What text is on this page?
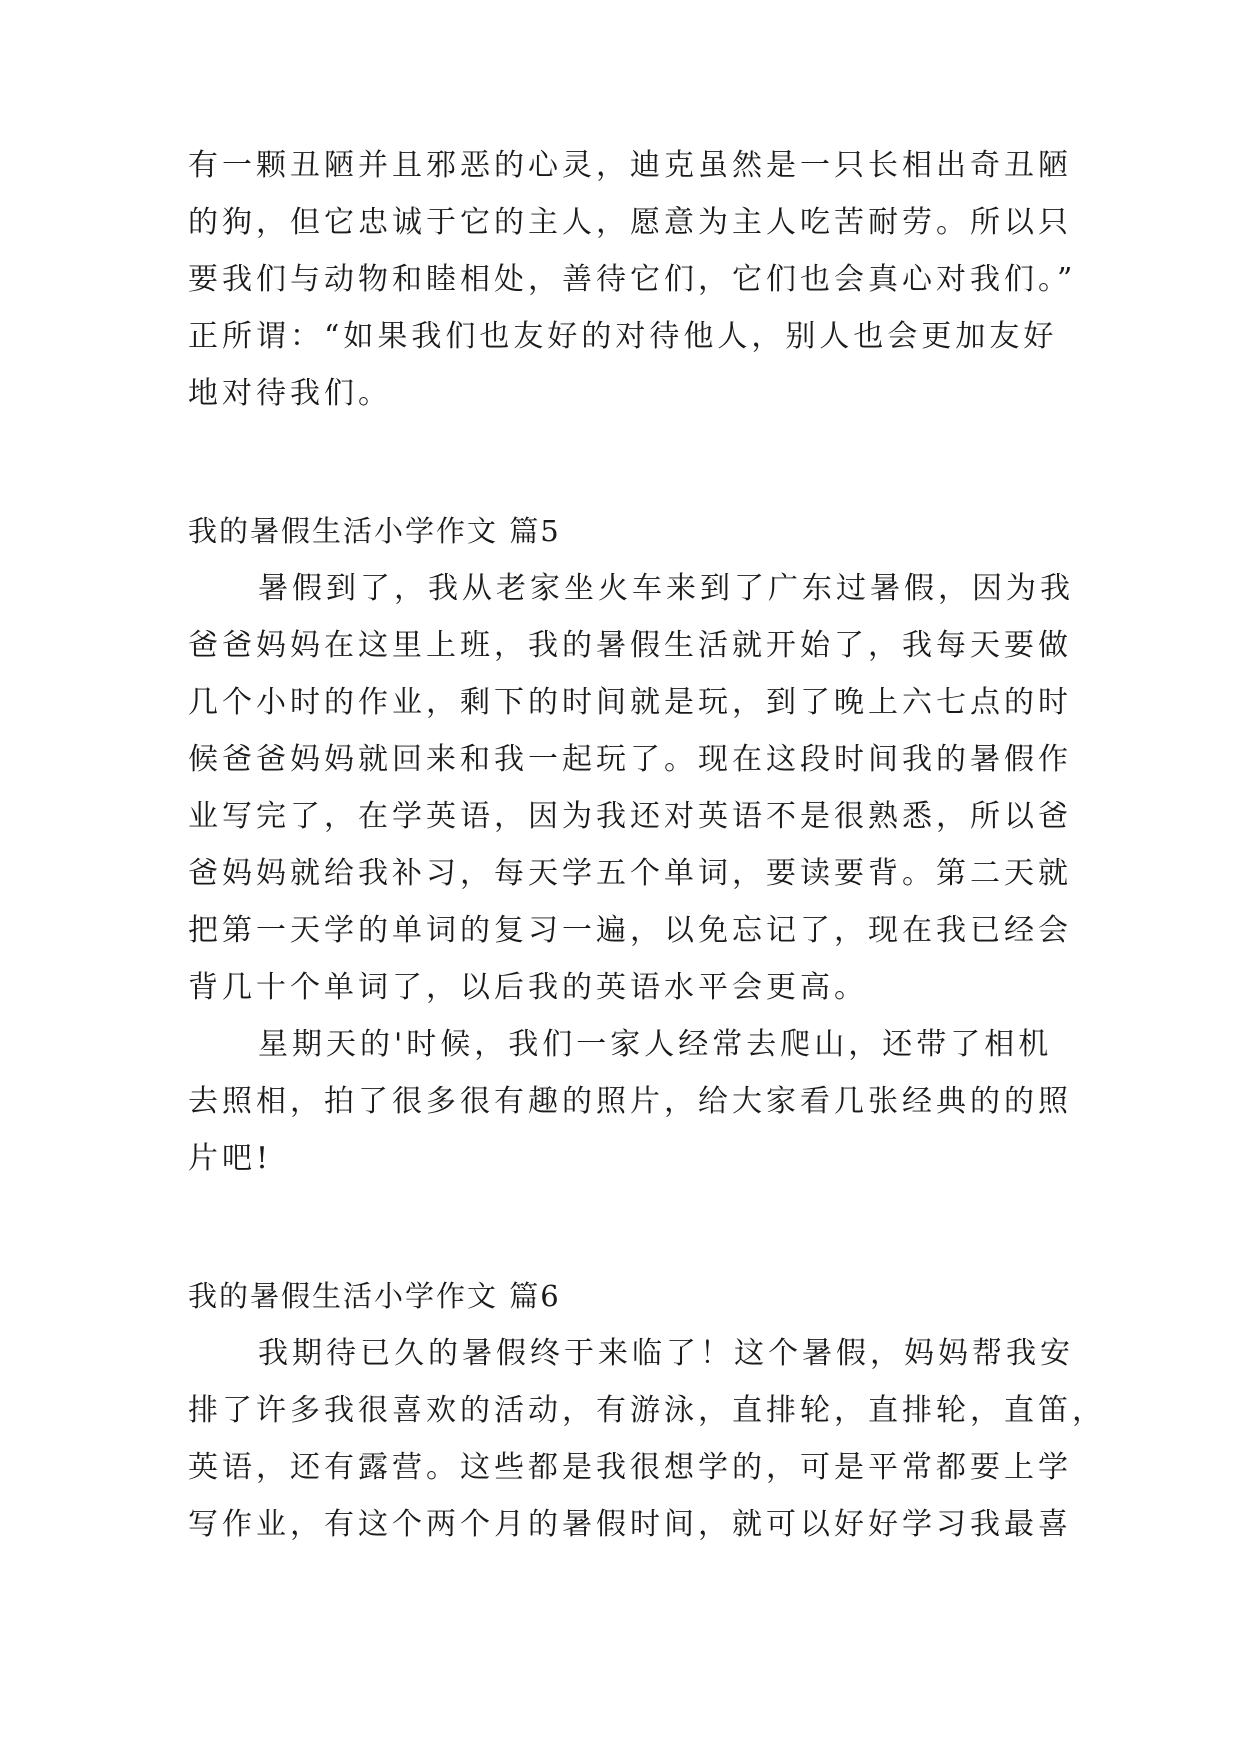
有一颗丑陋并且邪恶的心灵，迪克虽然是一只长相出奇丑陋
的狗，但它忠诚于它的主人，愿意为主人吃苦耐劳。所以只
要我们与动物和睦相处，善待它们，它们也会真心对我们。”
正所谓：“如果我们也友好的对待他人，别人也会更加友好
地对待我们。
我的暑假生活小学作文 篇5
暑假到了，我从老家坐火车来到了广东过暑假，因为我
爸爸妈妈在这里上班，我的暑假生活就开始了，我每天要做
几个小时的作业，剩下的时间就是玩，到了晚上六七点的时
候爸爸妈妈就回来和我一起玩了。现在这段时间我的暑假作
业写完了，在学英语，因为我还对英语不是很熟悉，所以爸
爸妈妈就给我补习，每天学五个单词，要读要背。第二天就
把第一天学的单词的复习一遍，以免忘记了，现在我已经会
背几十个单词了，以后我的英语水平会更高。
星期天的'时候，我们一家人经常去爬山，还带了相机
去照相，拍了很多很有趣的照片，给大家看几张经典的的照
片吧!
我的暑假生活小学作文 篇6
我期待已久的暑假终于来临了！这个暑假，妈妈帮我安
排了许多我很喜欢的活动，有游泳，直排轮，直排轮，直笛，
英语，还有露营。这些都是我很想学的，可是平常都要上学
写作业，有这个两个月的暑假时间，就可以好好学习我最喜
